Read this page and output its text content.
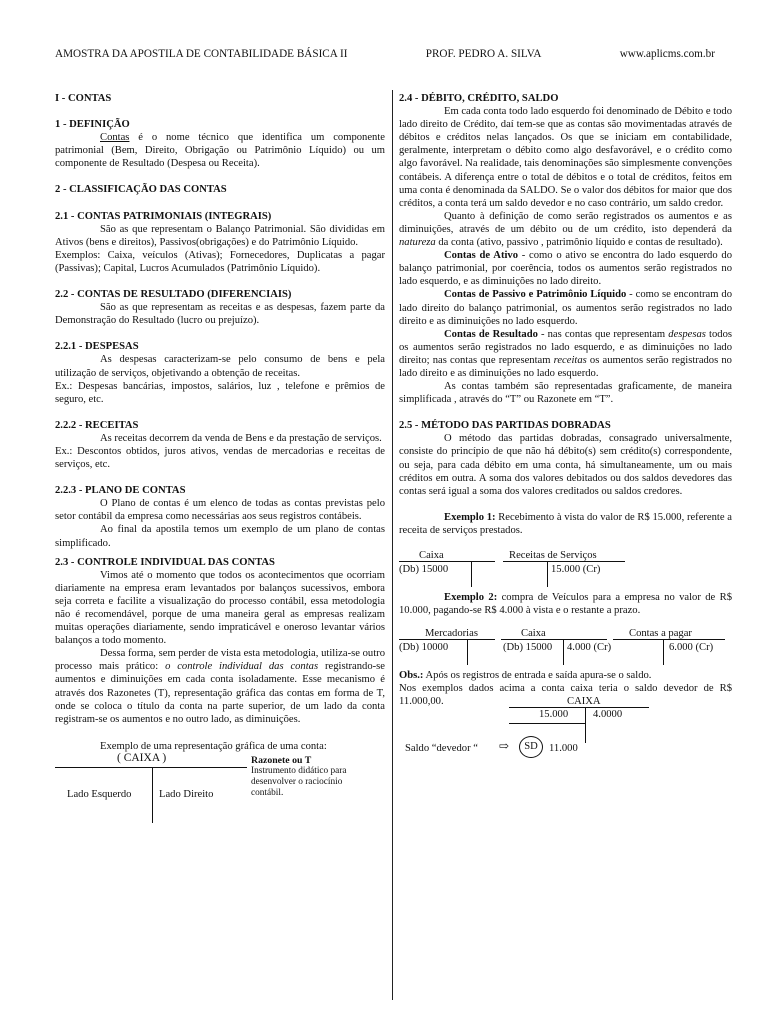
AMOSTRA DA APOSTILA DE CONTABILIDADE BÁSICA II	PROF. PEDRO A. SILVA	www.aplicms.com.br

I - CONTAS

1 - DEFINIÇÃO

Contas é o nome técnico que identifica um componente patrimonial (Bem, Direito, Obrigação ou Patrimônio Líquido) ou um componente de Resultado (Despesa ou Receita).

2 - CLASSIFICAÇÃO DAS CONTAS

2.1 - CONTAS PATRIMONIAIS (INTEGRAIS)

São as que representam o Balanço Patrimonial. São divididas em Ativos (bens e direitos), Passivos(obrigações) e do Patrimônio Líquido.

Exemplos: Caixa, veículos (Ativas); Fornecedores, Duplicatas a pagar (Passivas); Capital, Lucros Acumulados (Patrimônio Líquido).

2.2 - CONTAS DE RESULTADO (DIFERENCIAIS)

São as que representam as receitas e as despesas, fazem parte da Demonstração do Resultado (lucro ou prejuízo).

2.2.1 - DESPESAS

As despesas caracterizam-se pelo consumo de bens e pela utilização de serviços, objetivando a obtenção de receitas.

Ex.: Despesas bancárias, impostos, salários, luz , telefone e prêmios de seguro, etc.

2.2.2 - RECEITAS

As receitas decorrem da venda de Bens e da prestação de serviços.

Ex.: Descontos obtidos, juros ativos, vendas de mercadorias e receitas de serviços, etc.

2.2.3 - PLANO DE CONTAS

O Plano de contas é um elenco de todas as contas previstas pelo setor contábil da empresa como necessárias aos seus registros contábeis.

Ao final da apostila temos um exemplo de um plano de contas simplificado.

2.3 - CONTROLE INDIVIDUAL DAS CONTAS

Vimos até o momento que todos os acontecimentos que ocorriam diariamente na empresa eram levantados por balanços sucessivos, embora seja correta e facilite a visualização do processo contábil, essa metodologia não é recomendável, porque de uma maneira geral as empresas realizam muitas operações diariamente, sendo impraticável e oneroso levantar vários balanços a todo momento.

Dessa forma, sem perder de vista esta metodologia, utiliza-se outro processo mais prático: o controle individual das contas registrando-se aumentos e diminuições em cada conta isoladamente. Esse mecanismo é através dos Razonetes (T), representação gráfica das contas em forma de T, onde se coloca o título da conta na parte superior, de um lado da conta registram-se os aumentos e no outro lado, as diminuições.

Exemplo de uma representação gráfica de uma conta:
( CAIXA )
Lado Esquerdo	Lado Direito
Razonete ou T
Instrumento didático para desenvolver o raciocínio contábil.

2.4 - DÉBITO, CRÉDITO, SALDO

Em cada conta todo lado esquerdo foi denominado de Débito e todo lado direito de Crédito, daí tem-se que as contas são movimentadas através de débitos e créditos nelas lançados. Os que se iniciam em contabilidade, geralmente, interpretam o débito como algo desfavorável, e o crédito como algo favorável. Na realidade, tais denominações são simplesmente convenções contábeis. A diferença entre o total de débitos e o total de créditos, feitos em uma conta é denominada da SALDO. Se o valor dos débitos for maior que dos créditos, a conta terá um saldo devedor e no caso contrário, um saldo credor.

Quanto à definição de como serão registrados os aumentos e as diminuições, através de um débito ou de um crédito, isto dependerá da natureza da conta (ativo, passivo , patrimônio líquido e contas de resultado).

Contas de Ativo - como o ativo se encontra do lado esquerdo do balanço patrimonial, por coerência, todos os aumentos serão registrados no lado esquerdo, e as diminuições no lado direito.

Contas de Passivo e Patrimônio Líquido - como se encontram do lado direito do balanço patrimonial, os aumentos serão registrados no lado direito e as diminuições no lado esquerdo.

Contas de Resultado - nas contas que representam despesas todos os aumentos serão registrados no lado esquerdo, e as diminuições no lado direito; nas contas que representam receitas os aumentos serão registrados no lado direito e as diminuições no lado esquerdo.

As contas também são representadas graficamente, de maneira simplificada , através do “T” ou Razonete em “T”.

2.5 - MÉTODO DAS PARTIDAS DOBRADAS

O método das partidas dobradas, consagrado universalmente, consiste do princípio de que não há débito(s) sem crédito(s) correspondente, ou seja, para cada débito em uma conta, há simultaneamente, um ou mais créditos em outra. A soma dos valores debitados ou dos saldos devedores das contas será igual a soma dos valores creditados ou saldos credores.

Exemplo 1: Recebimento à vista do valor de R$ 15.000, referente a receita de serviços prestados.

Caixa
(Db) 15000
Receitas de Serviços
15.000 (Cr)

Exemplo 2: compra de Veículos para a empresa no valor de R$ 10.000, pagando-se R$ 4.000 à vista e o restante a prazo.

Mercadorias
(Db) 10000
Caixa
(Db) 15000 4.000 (Cr)
Contas a pagar
6.000 (Cr)

Obs.: Após os registros de entrada e saída apura-se o saldo.

Nos exemplos dados acima a conta caixa teria o saldo devedor de R$ 11.000,00.	CAIXA
15.000 4.0000
Saldo “devedor “ ⇨	SD	11.000
